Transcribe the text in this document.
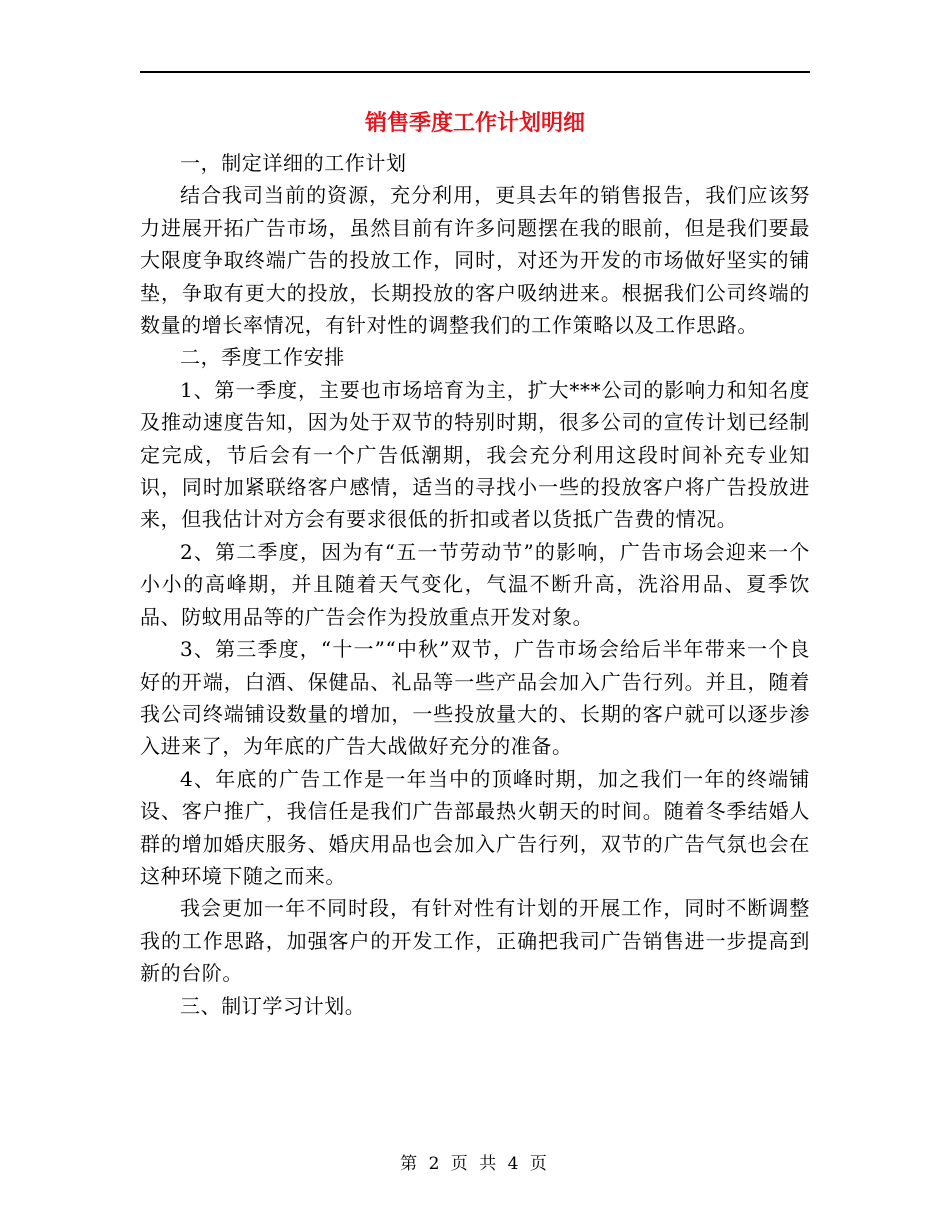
销售季度工作计划明细

一，制定详细的工作计划

结合我司当前的资源，充分利用，更具去年的销售报告，我们应该努力进展开拓广告市场，虽然目前有许多问题摆在我的眼前，但是我们要最大限度争取终端广告的投放工作，同时，对还为开发的市场做好坚实的铺垫，争取有更大的投放，长期投放的客户吸纳进来。根据我们公司终端的数量的增长率情况，有针对性的调整我们的工作策略以及工作思路。

二，季度工作安排

1、第一季度，主要也市场培育为主，扩大***公司的影响力和知名度及推动速度告知，因为处于双节的特别时期，很多公司的宣传计划已经制定完成，节后会有一个广告低潮期，我会充分利用这段时间补充专业知识，同时加紧联络客户感情，适当的寻找小一些的投放客户将广告投放进来，但我估计对方会有要求很低的折扣或者以货抵广告费的情况。

2、第二季度，因为有“五一节劳动节”的影响，广告市场会迎来一个小小的高峰期，并且随着天气变化，气温不断升高，洗浴用品、夏季饮品、防蚊用品等的广告会作为投放重点开发对象。

3、第三季度，“十一”“中秋”双节，广告市场会给后半年带来一个良好的开端，白酒、保健品、礼品等一些产品会加入广告行列。并且，随着我公司终端铺设数量的增加，一些投放量大的、长期的客户就可以逐步渗入进来了，为年底的广告大战做好充分的准备。

4、年底的广告工作是一年当中的顶峰时期，加之我们一年的终端铺设、客户推广，我信任是我们广告部最热火朝天的时间。随着冬季结婚人群的增加婚庆服务、婚庆用品也会加入广告行列，双节的广告气氛也会在这种环境下随之而来。

我会更加一年不同时段，有针对性有计划的开展工作，同时不断调整我的工作思路，加强客户的开发工作，正确把我司广告销售进一步提高到新的台阶。

三、制订学习计划。

第 2 页 共 4 页
